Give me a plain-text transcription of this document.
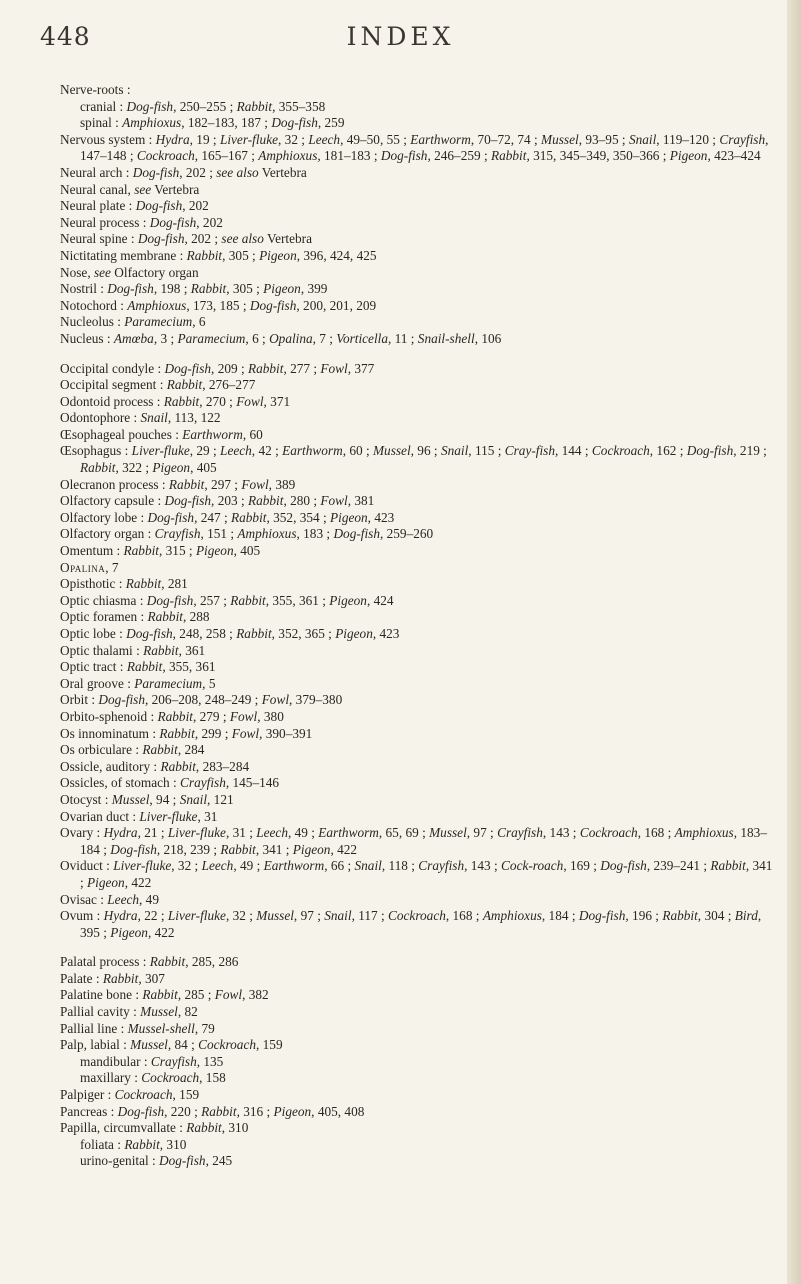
448	INDEX
Nerve-roots :
cranial : Dog-fish, 250–255 ; Rabbit, 355–358
spinal : Amphioxus, 182–183, 187 ; Dog-fish, 259
Nervous system : Hydra, 19 ; Liver-fluke, 32 ; Leech, 49–50, 55 ; Earthworm, 70–72, 74 ; Mussel, 93–95 ; Snail, 119–120 ; Crayfish, 147–148 ; Cockroach, 165–167 ; Amphioxus, 181–183 ; Dog-fish, 246–259 ; Rabbit, 315, 345–349, 350–366 ; Pigeon, 423–424
Neural arch : Dog-fish, 202 ; see also Vertebra
Neural canal, see Vertebra
Neural plate : Dog-fish, 202
Neural process : Dog-fish, 202
Neural spine : Dog-fish, 202 ; see also Vertebra
Nictitating membrane : Rabbit, 305 ; Pigeon, 396, 424, 425
Nose, see Olfactory organ
Nostril : Dog-fish, 198 ; Rabbit, 305 ; Pigeon, 399
Notochord : Amphioxus, 173, 185 ; Dog-fish, 200, 201, 209
Nucleolus : Paramecium, 6
Nucleus : Amœba, 3 ; Paramecium, 6 ; Opalina, 7 ; Vorticella, 11 ; Snail-shell, 106
Occipital condyle : Dog-fish, 209 ; Rabbit, 277 ; Fowl, 377
Occipital segment : Rabbit, 276–277
Odontoid process : Rabbit, 270 ; Fowl, 371
Odontophore : Snail, 113, 122
Œsophageal pouches : Earthworm, 60
Œsophagus : Liver-fluke, 29 ; Leech, 42 ; Earthworm, 60 ; Mussel, 96 ; Snail, 115 ; Cray-fish, 144 ; Cockroach, 162 ; Dog-fish, 219 ; Rabbit, 322 ; Pigeon, 405
Olecranon process : Rabbit, 297 ; Fowl, 389
Olfactory capsule : Dog-fish, 203 ; Rabbit, 280 ; Fowl, 381
Olfactory lobe : Dog-fish, 247 ; Rabbit, 352, 354 ; Pigeon, 423
Olfactory organ : Crayfish, 151 ; Amphioxus, 183 ; Dog-fish, 259–260
Omentum : Rabbit, 315 ; Pigeon, 405
Opalina, 7
Opisthotic : Rabbit, 281
Optic chiasma : Dog-fish, 257 ; Rabbit, 355, 361 ; Pigeon, 424
Optic foramen : Rabbit, 288
Optic lobe : Dog-fish, 248, 258 ; Rabbit, 352, 365 ; Pigeon, 423
Optic thalami : Rabbit, 361
Optic tract : Rabbit, 355, 361
Oral groove : Paramecium, 5
Orbit : Dog-fish, 206–208, 248–249 ; Fowl, 379–380
Orbito-sphenoid : Rabbit, 279 ; Fowl, 380
Os innominatum : Rabbit, 299 ; Fowl, 390–391
Os orbiculare : Rabbit, 284
Ossicle, auditory : Rabbit, 283–284
Ossicles, of stomach : Crayfish, 145–146
Otocyst : Mussel, 94 ; Snail, 121
Ovarian duct : Liver-fluke, 31
Ovary : Hydra, 21 ; Liver-fluke, 31 ; Leech, 49 ; Earthworm, 65, 69 ; Mussel, 97 ; Crayfish, 143 ; Cockroach, 168 ; Amphioxus, 183–184 ; Dog-fish, 218, 239 ; Rabbit, 341 ; Pigeon, 422
Oviduct : Liver-fluke, 32 ; Leech, 49 ; Earthworm, 66 ; Snail, 118 ; Crayfish, 143 ; Cock-roach, 169 ; Dog-fish, 239–241 ; Rabbit, 341 ; Pigeon, 422
Ovisac : Leech, 49
Ovum : Hydra, 22 ; Liver-fluke, 32 ; Mussel, 97 ; Snail, 117 ; Cockroach, 168 ; Amphioxus, 184 ; Dog-fish, 196 ; Rabbit, 304 ; Bird, 395 ; Pigeon, 422
Palatal process : Rabbit, 285, 286
Palate : Rabbit, 307
Palatine bone : Rabbit, 285 ; Fowl, 382
Pallial cavity : Mussel, 82
Pallial line : Mussel-shell, 79
Palp, labial : Mussel, 84 ; Cockroach, 159
mandibular : Crayfish, 135
maxillary : Cockroach, 158
Palpiger : Cockroach, 159
Pancreas : Dog-fish, 220 ; Rabbit, 316 ; Pigeon, 405, 408
Papilla, circumvallate : Rabbit, 310
foliata : Rabbit, 310
urino-genital : Dog-fish, 245
